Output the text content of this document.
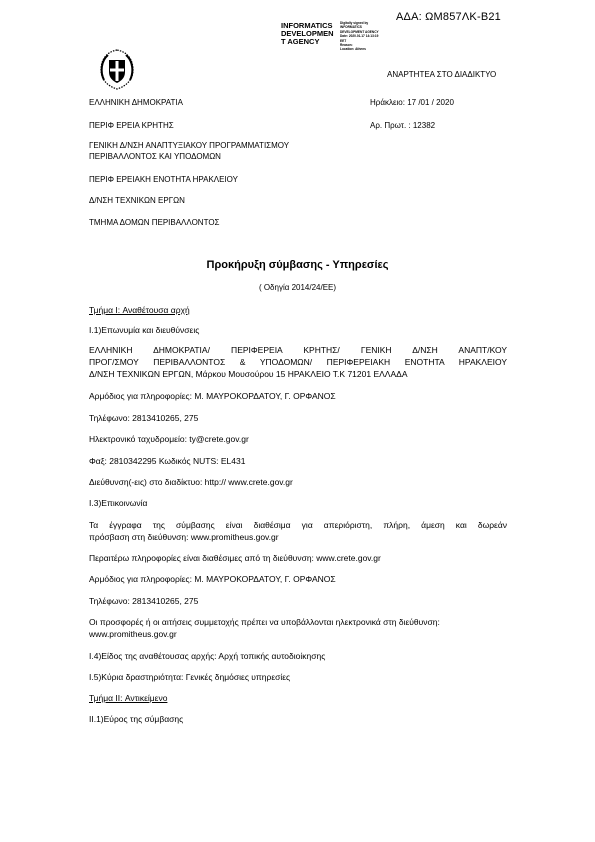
ΑΔΑ: ΩΜ857ΛΚ-Β21
INFORMATICS
DEVELOPMEN
T AGENCY
Digitally signed by
INFORMATICS
DEVELOPMENT AGENCY
Date: 2020.01.17 14:13:19
EET
Reason:
Location: Athens
ΑΝΑΡΤΗΤΕΑ ΣΤΟ ΔΙΑΔΙΚΤΥΟ
ΕΛΛΗΝΙΚΗ ΔΗΜΟΚΡΑΤΙΑ	Ηράκλειο: 17 /01 / 2020
ΠΕΡΙΦ ΕΡΕΙΑ ΚΡΗΤΗΣ	Αρ. Πρωτ. : 12382
ΓΕΝΙΚΗ Δ/ΝΣΗ ΑΝΑΠΤΥΞΙΑΚΟΥ ΠΡΟΓΡΑΜΜΑΤΙΣΜΟΥ
ΠΕΡΙΒΑΛΛΟΝΤΟΣ ΚΑΙ ΥΠΟΔΟΜΩΝ
ΠΕΡΙΦ ΕΡΕΙΑΚΗ ΕΝΟΤΗΤΑ ΗΡΑΚΛΕΙΟΥ
Δ/ΝΣΗ ΤΕΧΝΙΚΩΝ ΕΡΓΩΝ
ΤΜΗΜΑ ΔΟΜΩΝ ΠΕΡΙΒΑΛΛΟΝΤΟΣ
Προκήρυξη σύμβασης - Υπηρεσίες
( Οδηγία 2014/24/ΕΕ)
Τμήμα I: Αναθέτουσα αρχή
I.1)Επωνυμία και διευθύνσεις
ΕΛΛΗΝΙΚΗ ΔΗΜΟΚΡΑΤΙΑ/ ΠΕΡΙΦΕΡΕΙΑ ΚΡΗΤΗΣ/ ΓΕΝΙΚΗ Δ/ΝΣΗ ΑΝΑΠΤ/ΚΟΥ
ΠΡΟΓ/ΣΜΟΥ ΠΕΡΙΒΑΛΛΟΝΤΟΣ & ΥΠΟΔΟΜΩΝ/ ΠΕΡΙΦΕΡΕΙΑΚΗ ΕΝΟΤΗΤΑ ΗΡΑΚΛΕΙΟΥ
Δ/ΝΣΗ ΤΕΧΝΙΚΩΝ ΕΡΓΩΝ, Μάρκου Μουσούρου 15 ΗΡΑΚΛΕΙΟ Τ.Κ 71201 ΕΛΛΑΔΑ
Αρμόδιος για πληροφορίες: Μ. ΜΑΥΡΟΚΟΡΔΑΤΟΥ, Γ. ΟΡΦΑΝΟΣ
Τηλέφωνο: 2813410265, 275
Ηλεκτρονικό ταχυδρομείο: ty@crete.gov.gr
Φαξ: 2810342295 Κωδικός NUTS: EL431
Διεύθυνση(-εις) στο διαδίκτυο: http:// www.crete.gov.gr
I.3)Επικοινωνία
Τα έγγραφα της σύμβασης είναι διαθέσιμα για απεριόριστη, πλήρη, άμεση και δωρεάν
πρόσβαση στη διεύθυνση: www.promitheus.gov.gr
Περαιτέρω πληροφορίες είναι διαθέσιμες από τη διεύθυνση: www.crete.gov.gr
Αρμόδιος για πληροφορίες: Μ. ΜΑΥΡΟΚΟΡΔΑΤΟΥ, Γ. ΟΡΦΑΝΟΣ
Τηλέφωνο: 2813410265, 275
Οι προσφορές ή οι αιτήσεις συμμετοχής πρέπει να υποβάλλονται ηλεκτρονικά στη διεύθυνση:
www.promitheus.gov.gr
I.4)Είδος της αναθέτουσας αρχής: Αρχή τοπικής αυτοδιοίκησης
I.5)Κύρια δραστηριότητα: Γενικές δημόσιες υπηρεσίες
Τμήμα II: Αντικείμενο
II.1)Εύρος της σύμβασης
